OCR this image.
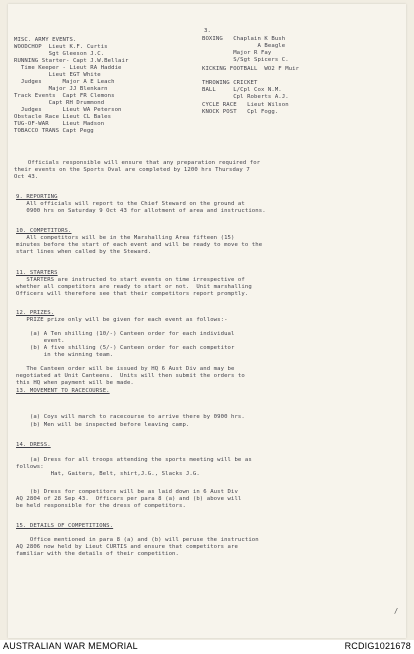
3.
MISC. ARMY EVENTS.
WOODCHOP  Lieut K.F. Curtis
Sgt Gleeson J.C.
RUNNING Starter- Capt J.W.Bellair
Time Keeper - Lieut RA Haddie
Lieut EGT White
Judges      Major A E Leach
Major JJ Blenkarn
Track Events  Capt FR Clemons
Capt RH Drummond
Judges      Lieut WA Peterson
Obstacle Race Lieut CL Bales
TUG-OF-WAR    Lieut Madson
TOBACCO TRANS Capt Pegg
BOXING   Chaplain K Bush
A Beagle
Major R Fay
S/Sgt Spicers C.
KICKING FOOTBALL  WO2 F Muir
THROWING CRICKET
BALL     L/Cpl Cox N.M.
Cpl Roberts A.J.
CYCLE RACE   Lieut Wilson
KNOCK POST   Cpl Fogg.
Officials responsible will ensure that any preparation required for
their events on the Sports Oval are completed by 1200 hrs Thursday 7
Oct 43.
9. REPORTING
All officials will report to the Chief Steward on the ground at
0900 hrs on Saturday 9 Oct 43 for allotment of area and instructions.
10. COMPETITORS.
All competitors will be in the Marshalling Area fifteen (15)
minutes before the start of each event and will be ready to move to the
start lines when called by the Steward.
11. STARTERS
STARTERS are instructed to start events on time irrespective of
whether all competitors are ready to start or not.  Unit marshalling
Officers will therefore see that their competitors report promptly.
12. PRIZES.
PRIZE prize only will be given for each event as follows:-
(a) A Ten shilling (10/-) Canteen order for each individual
event.
(b) A five shilling (5/-) Canteen order for each competitor
in the winning team.
The Canteen order will be issued by HQ 6 Aust Div and may be
negotiated at Unit Canteens.  Units will then submit the orders to
this HQ when payment will be made.
13. MOVEMENT TO RACECOURSE.
(a) Coys will march to racecourse to arrive there by 0900 hrs.
(b) Men will be inspected before leaving camp.
14. DRESS.
(a) Dress for all troops attending the sports meeting will be as
follows:
Hat, Gaiters, Belt, shirt,J.G., Slacks J.G.
(b) Dress for competitors will be as laid down in 6 Aust Div
AQ 2804 of 28 Sep 43.  Officers per para 8 (a) and (b) above will
be held responsible for the dress of competitors.
15. DETAILS OF COMPETITIONS.
Office mentioned in para 8 (a) and (b) will peruse the instruction
AQ 2806 now held by Lieut CURTIS and ensure that competitors are
familiar with the details of their competition.
/
AUSTRALIAN WAR MEMORIAL	RCDIG1021678
